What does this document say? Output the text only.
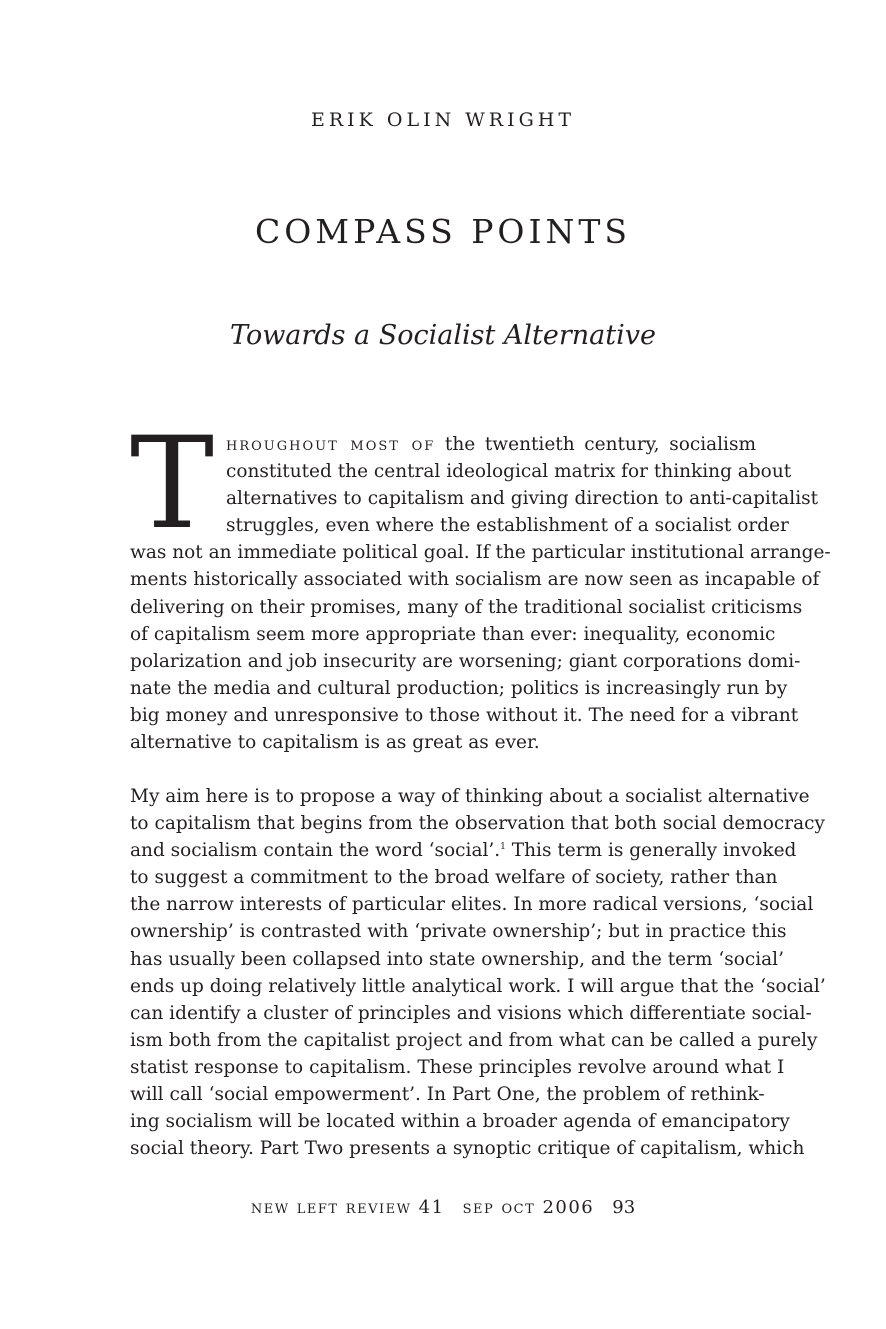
ERIK OLIN WRIGHT
COMPASS POINTS
Towards a Socialist Alternative
T hroughout most of the twentieth century, socialism
constituted the central ideological matrix for thinking about
alternatives to capitalism and giving direction to anti-capitalist
struggles, even where the establishment of a socialist order
was not an immediate political goal. If the particular institutional arrange-
ments historically associated with socialism are now seen as incapable of
delivering on their promises, many of the traditional socialist criticisms
of capitalism seem more appropriate than ever: inequality, economic
polarization and job insecurity are worsening; giant corporations domi-
nate the media and cultural production; politics is increasingly run by
big money and unresponsive to those without it. The need for a vibrant
alternative to capitalism is as great as ever.
My aim here is to propose a way of thinking about a socialist alternative
to capitalism that begins from the observation that both social democracy
and socialism contain the word ‘social’.$^1$ This term is generally invoked
to suggest a commitment to the broad welfare of society, rather than
the narrow interests of particular elites. In more radical versions, ‘social
ownership’ is contrasted with ‘private ownership’; but in practice this
has usually been collapsed into state ownership, and the term ‘social’
ends up doing relatively little analytical work. I will argue that the ‘social’
can identify a cluster of principles and visions which differentiate social-
ism both from the capitalist project and from what can be called a purely
statist response to capitalism. These principles revolve around what I
will call ‘social empowerment’. In Part One, the problem of rethink-
ing socialism will be located within a broader agenda of emancipatory
social theory. Part Two presents a synoptic critique of capitalism, which
new left review 41 sep oct 2006 93
